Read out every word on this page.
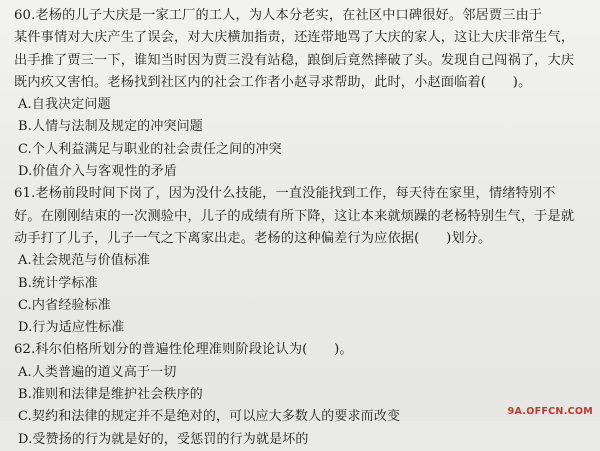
60.老杨的儿子大庆是一家工厂的工人，为人本分老实，在社区中口碑很好。邻居贾三由于
某件事情对大庆产生了误会，对大庆横加指责，还连带地骂了大庆的家人，这让大庆非常生气，
出手推了贾三一下，谁知当时因为贾三没有站稳，踉倒后竟然摔破了头。发现自己闯祸了，大庆
既内疚又害怕。老杨找到社区内的社会工作者小赵寻求帮助，此时，小赵面临着(　　)。
A.自我决定问题
B.人情与法制及规定的冲突问题
C.个人利益满足与职业的社会责任之间的冲突
D.价值介入与客观性的矛盾
61.老杨前段时间下岗了，因为没什么技能，一直没能找到工作，每天待在家里，情绪特别不
好。在刚刚结束的一次测验中，儿子的成绩有所下降，这让本来就烦躁的老杨特别生气，于是就
动手打了儿子，儿子一气之下离家出走。老杨的这种偏差行为应依据(　　)划分。
A.社会规范与价值标准
B.统计学标准
C.内省经验标准
D.行为适应性标准
62.科尔伯格所划分的普遍性伦理准则阶段论认为(　　)。
A.人类普遍的道义高于一切
B.准则和法律是维护社会秩序的
C.契约和法律的规定并不是绝对的，可以应大多数人的要求而改变
D.受赞扬的行为就是好的，受惩罚的行为就是坏的
9A.OFFCN.COM
